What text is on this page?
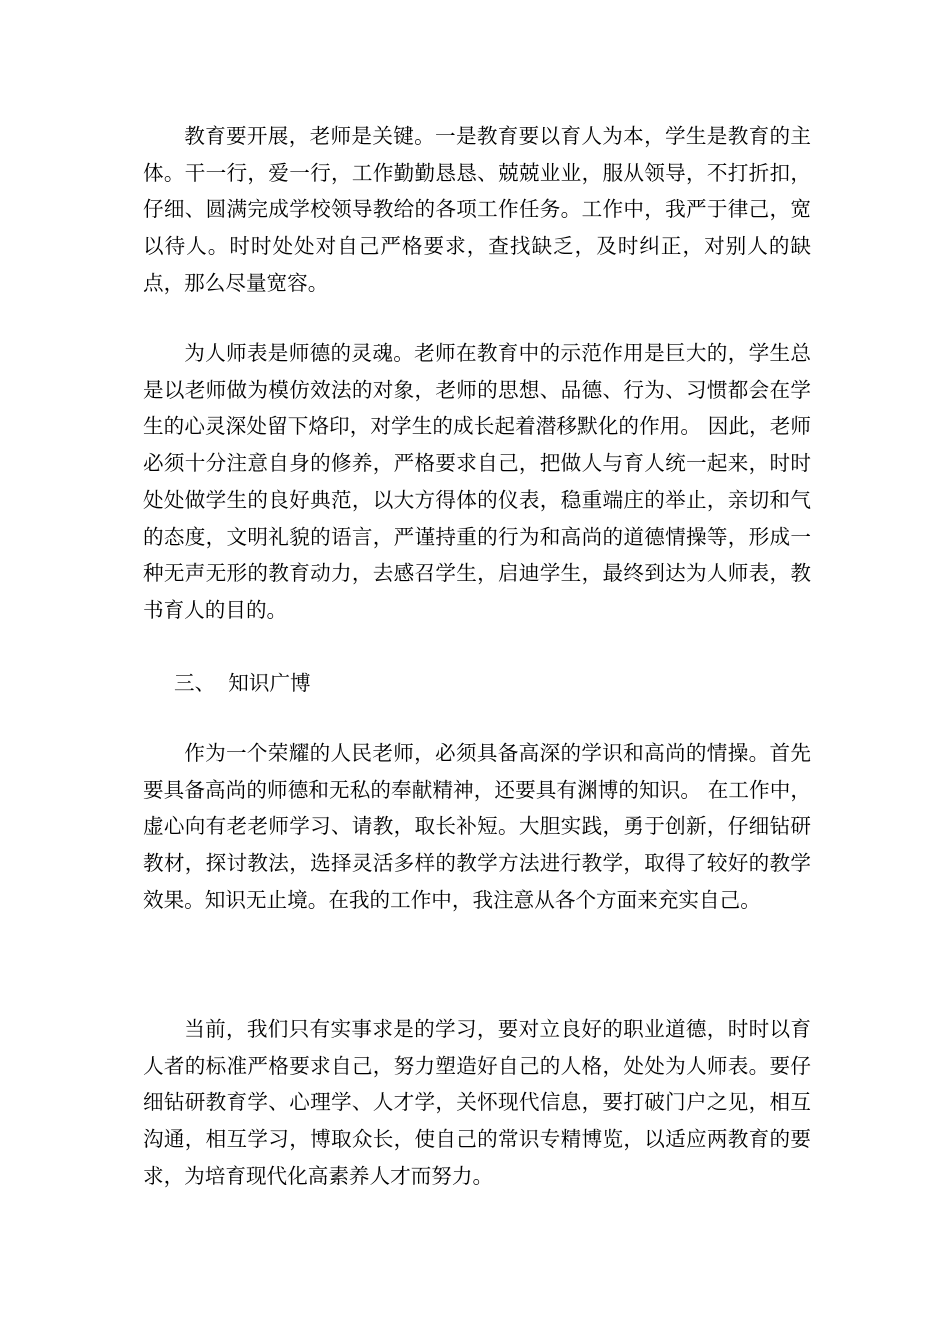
教育要开展，老师是关键。一是教育要以育人为本，学生是教育的主体。干一行，爱一行，工作勤勤恳恳、兢兢业业，服从领导，不打折扣，仔细、圆满完成学校领导教给的各项工作任务。工作中，我严于律己，宽以待人。时时处处对自己严格要求，查找缺乏，及时纠正，对别人的缺点，那么尽量宽容。

为人师表是师德的灵魂。老师在教育中的示范作用是巨大的，学生总是以老师做为模仿效法的对象，老师的思想、品德、行为、习惯都会在学生的心灵深处留下烙印，对学生的成长起着潜移默化的作用。 因此，老师必须十分注意自身的修养，严格要求自己，把做人与育人统一起来，时时处处做学生的良好典范，以大方得体的仪表，稳重端庄的举止，亲切和气的态度，文明礼貌的语言，严谨持重的行为和高尚的道德情操等，形成一种无声无形的教育动力，去感召学生，启迪学生，最终到达为人师表，教书育人的目的。

三、  知识广博

作为一个荣耀的人民老师，必须具备高深的学识和高尚的情操。首先要具备高尚的师德和无私的奉献精神，还要具有渊博的知识。 在工作中，虚心向有老老师学习、请教，取长补短。大胆实践，勇于创新，仔细钻研教材，探讨教法，选择灵活多样的教学方法进行教学，取得了较好的教学效果。知识无止境。在我的工作中，我注意从各个方面来充实自己。

当前，我们只有实事求是的学习，要对立良好的职业道德，时时以育人者的标准严格要求自己，努力塑造好自己的人格，处处为人师表。要仔细钻研教育学、心理学、人才学，关怀现代信息，要打破门户之见，相互沟通，相互学习，博取众长，使自己的常识专精博览，以适应两教育的要求，为培育现代化高素养人才而努力。
